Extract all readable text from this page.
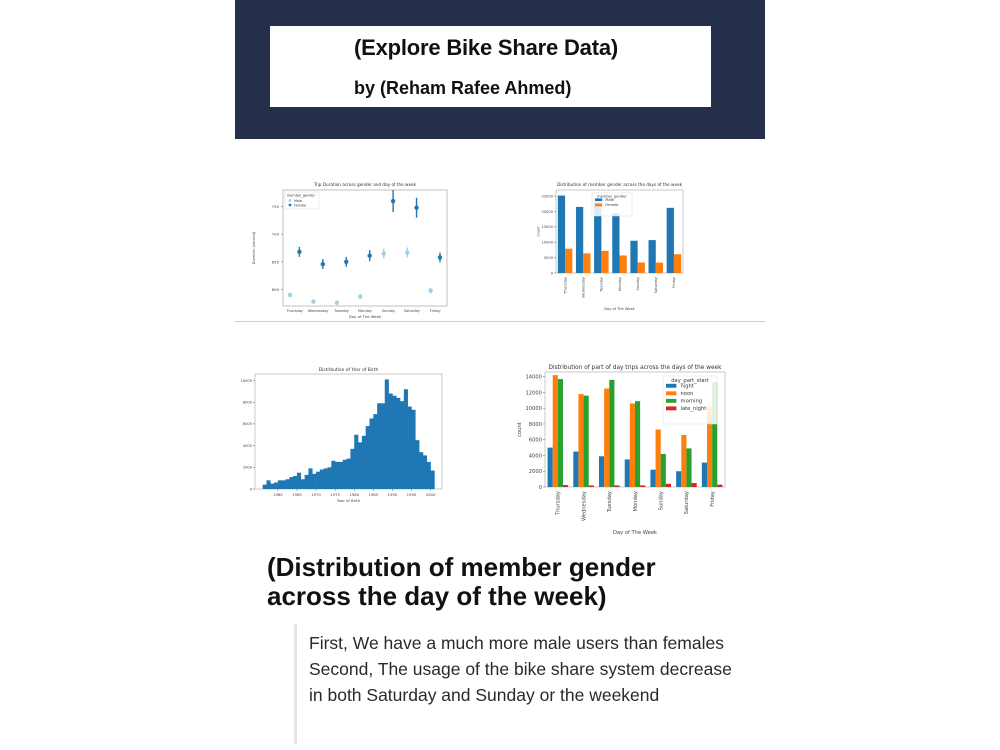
(Explore Bike Share Data)
by (Reham Rafee Ahmed)
Trip Duration across gender and day of the week
600
650
700
750
Thursday Wednesday Tuesday	Monday	Sunday Saturday	Friday
Day of The Week
Duration (second)
member_gender
Male
Female
Distribution of member gender across the days of the week
0
5000
10000
15000
20000
25000
Thursday	Wednesday	Tuesday	Monday	Sunday	Saturday	Friday
Day of The Week
count
member_gender
Male
Female
Distribution of Year of Birth
0
2000
4000
6000
8000
10000
1960 1965 1970 1975 1980 1985 1990 1995 2000
Year of Birth
Distribution of part of day trips across the days of the week
0
2000
4000
6000
8000
10000
12000
14000
Thursday	Wednesday	Tuesday	Monday	Sunday	Saturday	Friday
Day of The Week
count
day_part_start
night
noon
morning
late_night
(Distribution of member gender across the day of the week)
First, We have a much more male users than females Second, The usage of the bike share system decrease in both Saturday and Sunday or the weekend
